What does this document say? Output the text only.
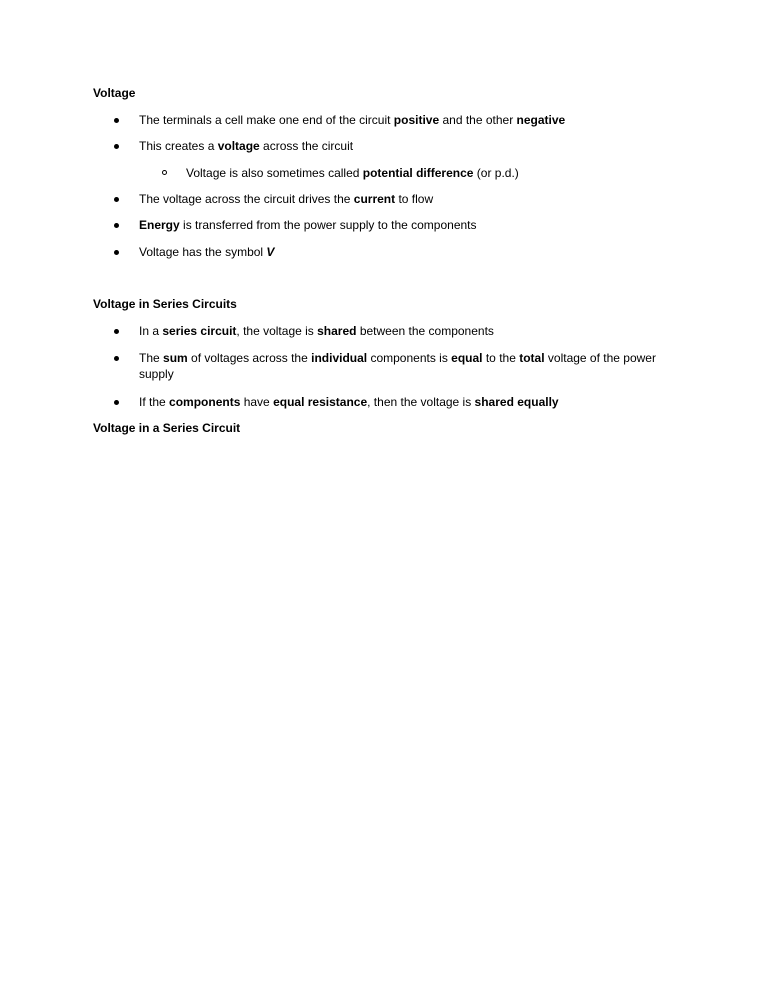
Voltage
The terminals a cell make one end of the circuit positive and the other negative
This creates a voltage across the circuit
Voltage is also sometimes called potential difference (or p.d.)
The voltage across the circuit drives the current to flow
Energy is transferred from the power supply to the components
Voltage has the symbol V
Voltage in Series Circuits
In a series circuit, the voltage is shared between the components
The sum of voltages across the individual components is equal to the total voltage of the power supply
If the components have equal resistance, then the voltage is shared equally
Voltage in a Series Circuit
